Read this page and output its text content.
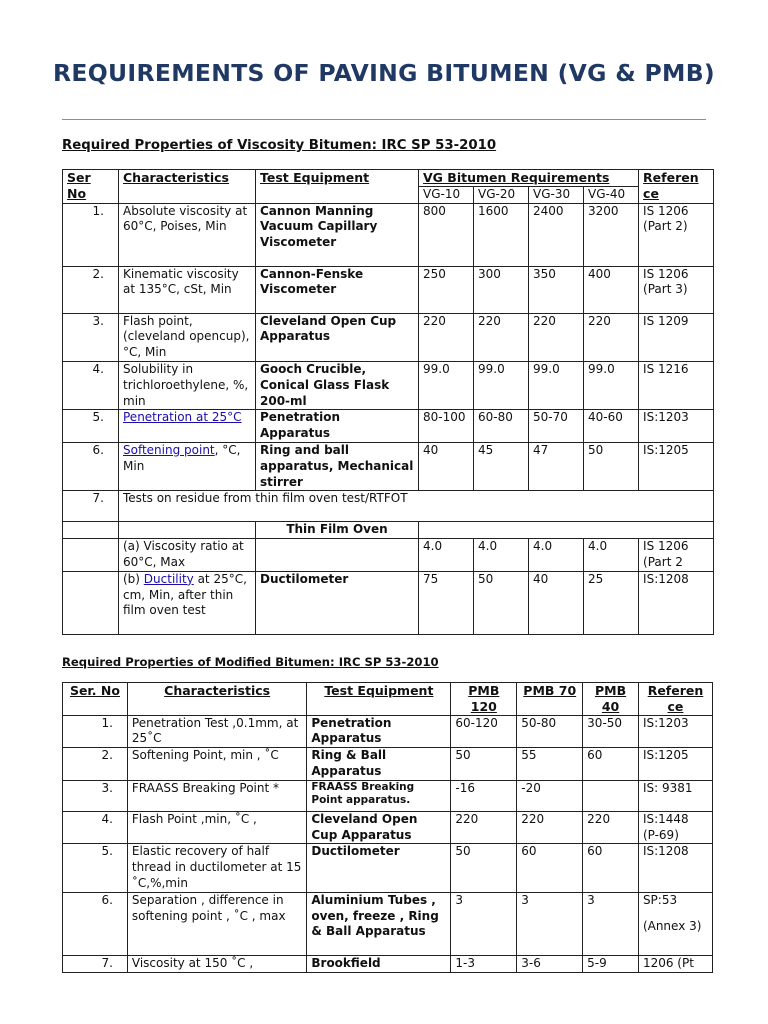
REQUIREMENTS OF PAVING BITUMEN (VG & PMB)
Required Properties of Viscosity Bitumen: IRC SP 53-2010
Ser No	Characteristics	Test Equipment	VG Bitumen Requirements				Referen ce
			VG-10	VG-20	VG-30	VG-40	
1.	Absolute viscosity at 60°C, Poises, Min	Cannon Manning Vacuum Capillary Viscometer	800	1600	2400	3200	IS 1206 (Part 2)
2.	Kinematic viscosity at 135°C, cSt, Min	Cannon-Fenske Viscometer	250	300	350	400	IS 1206 (Part 3)
3.	Flash point, (cleveland opencup),°C, Min	Cleveland Open Cup Apparatus	220	220	220	220	IS 1209
4.	Solubility in trichloroethylene, %, min	Gooch Crucible, Conical Glass Flask 200-ml	99.0	99.0	99.0	99.0	IS 1216
5.	Penetration at 25°C	Penetration Apparatus	80-100	60-80	50-70	40-60	IS:1203
6.	Softening point, °C, Min	Ring and ball apparatus, Mechanical stirrer	40	45	47	50	IS:1205
7.	Tests on residue from thin film oven test/RTFOT						
		Thin Film Oven					
	(a) Viscosity ratio at 60°C, Max		4.0	4.0	4.0	4.0	IS 1206 (Part 2
	(b) Ductility at 25°C, cm, Min, after thin film oven test	Ductilometer	75	50	40	25	IS:1208
Required Properties of Modified Bitumen: IRC SP 53-2010
Ser. No	Characteristics	Test Equipment	PMB 120	PMB 70	PMB 40	Referen ce
1.	Penetration Test ,0.1mm, at 25˚C	Penetration Apparatus	60-120	50-80	30-50	IS:1203
2.	Softening Point, min , ˚C	Ring & Ball Apparatus	50	55	60	IS:1205
3.	FRAASS Breaking Point *	FRAASS Breaking Point apparatus.	-16	-20		IS: 9381
4.	Flash Point ,min, ˚C ,	Cleveland Open Cup Apparatus	220	220	220	IS:1448 (P-69)
5.	Elastic recovery of half thread in ductilometer at 15 ˚C,%,min	Ductilometer	50	60	60	IS:1208
6.	Separation , difference in softening point , ˚C , max	Aluminium Tubes , oven, freeze , Ring & Ball Apparatus	3	3	3	SP:53
(Annex 3)

7.	Viscosity at 150 ˚C ,	Brookfield	1-3	3-6	5-9	1206 (Pt
